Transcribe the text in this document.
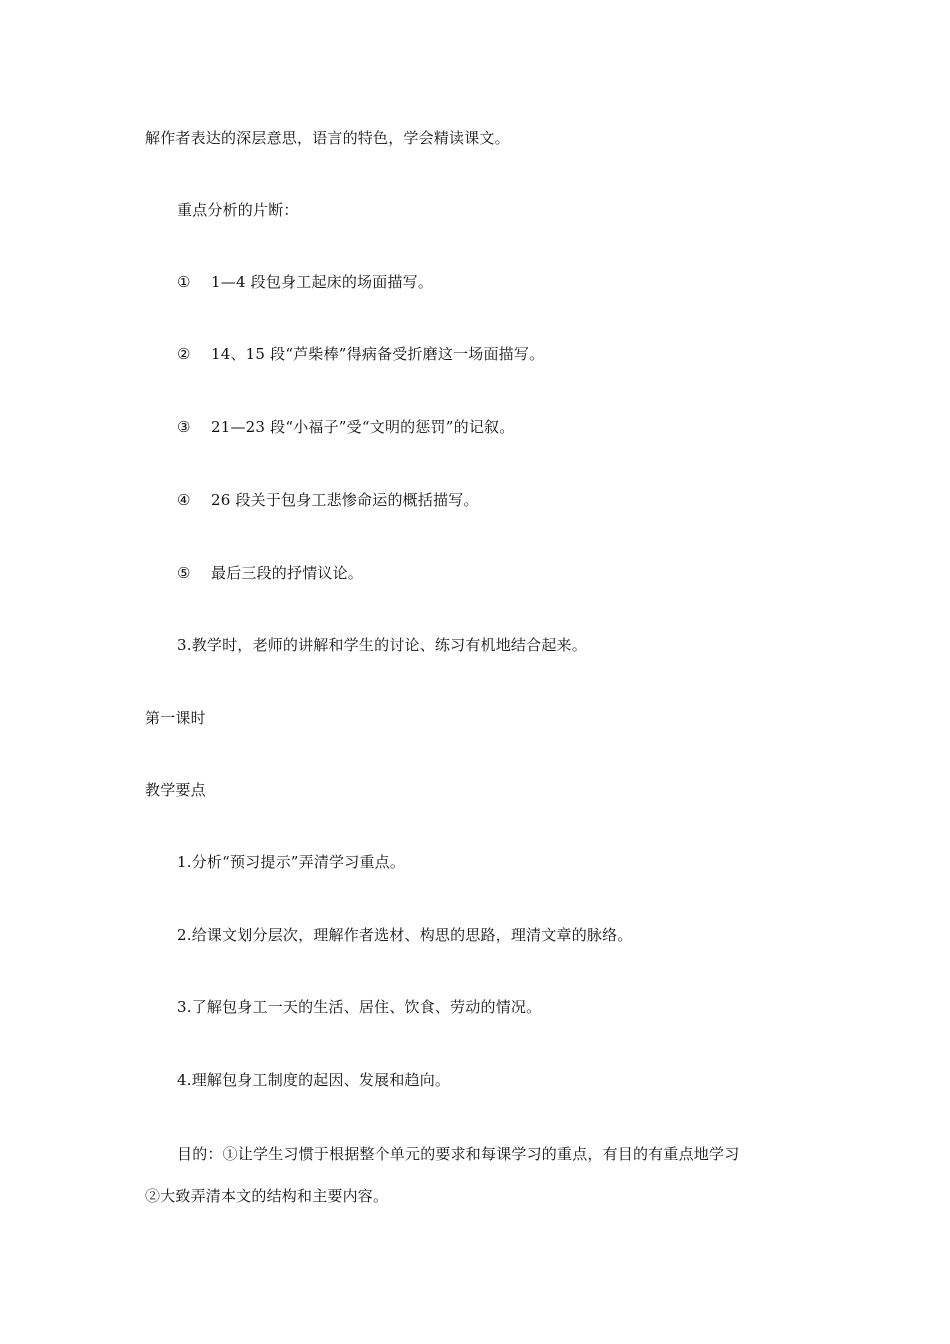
解作者表达的深层意思，语言的特色，学会精读课文。
重点分析的片断：
① 1—4 段包身工起床的场面描写。
② 14、15 段“芦柴棒”得病备受折磨这一场面描写。
③ 21—23 段“小福子”受“文明的惩罚”的记叙。
④ 26 段关于包身工悲惨命运的概括描写。
⑤ 最后三段的抒情议论。
3.教学时，老师的讲解和学生的讨论、练习有机地结合起来。
第一课时
教学要点
1.分析“预习提示”弄清学习重点。
2.给课文划分层次，理解作者选材、构思的思路，理清文章的脉络。
3.了解包身工一天的生活、居住、饮食、劳动的情况。
4.理解包身工制度的起因、发展和趋向。
目的：①让学生习惯于根据整个单元的要求和每课学习的重点，有目的有重点地学习
②大致弄清本文的结构和主要内容。
